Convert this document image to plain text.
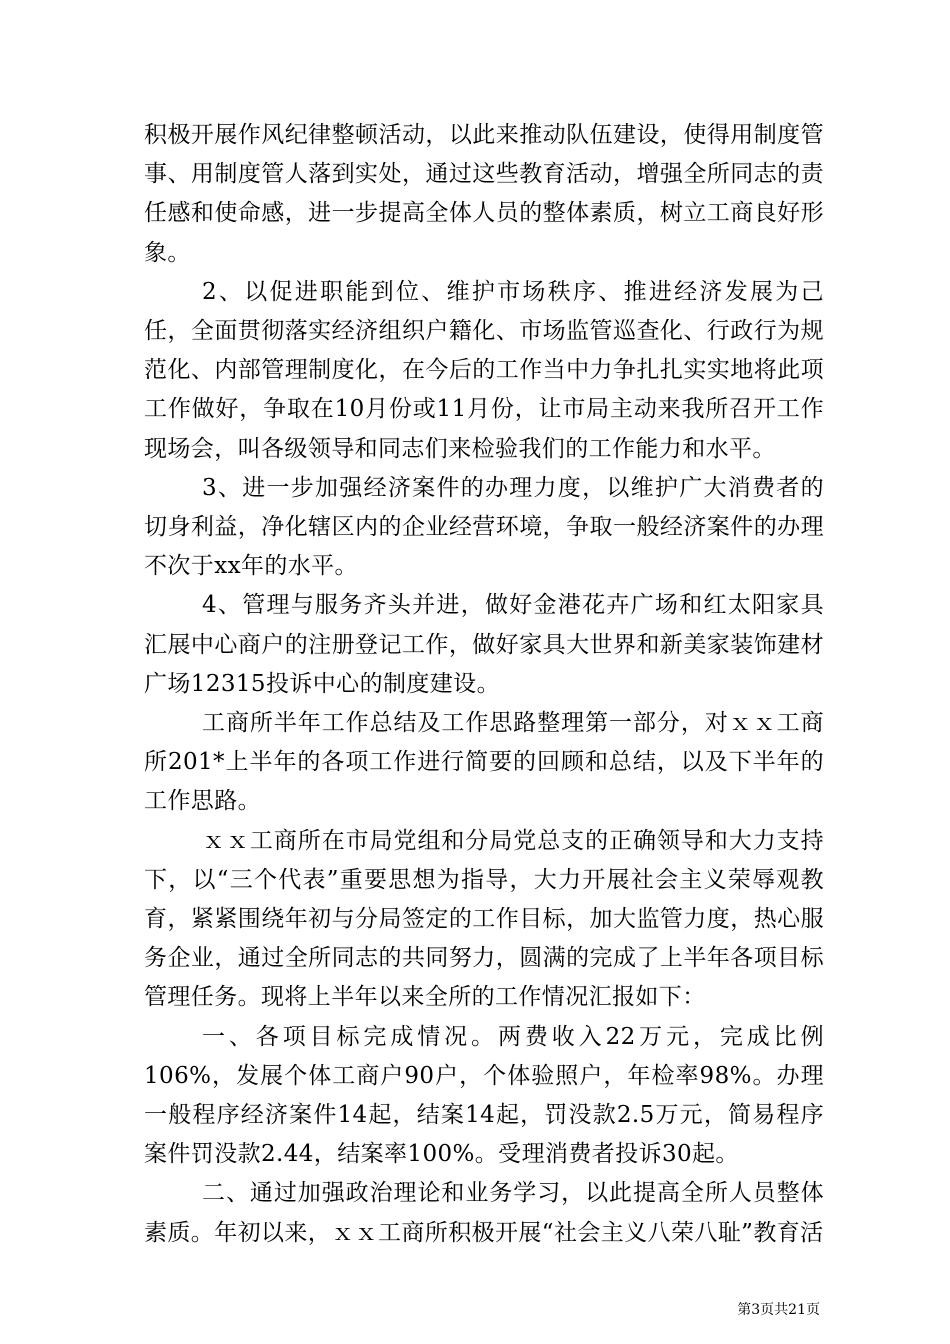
积极开展作风纪律整顿活动，以此来推动队伍建设，使得用制度管事、用制度管人落到实处，通过这些教育活动，增强全所同志的责任感和使命感，进一步提高全体人员的整体素质，树立工商良好形象。

2、以促进职能到位、维护市场秩序、推进经济发展为己任，全面贯彻落实经济组织户籍化、市场监管巡查化、行政行为规范化、内部管理制度化，在今后的工作当中力争扎扎实实地将此项工作做好，争取在10月份或11月份，让市局主动来我所召开工作现场会，叫各级领导和同志们来检验我们的工作能力和水平。

3、进一步加强经济案件的办理力度，以维护广大消费者的切身利益，净化辖区内的企业经营环境，争取一般经济案件的办理不次于xx年的水平。

4、管理与服务齐头并进，做好金港花卉广场和红太阳家具汇展中心商户的注册登记工作，做好家具大世界和新美家装饰建材广场12315投诉中心的制度建设。

工商所半年工作总结及工作思路整理第一部分，对ｘｘ工商所201*上半年的各项工作进行简要的回顾和总结，以及下半年的工作思路。

ｘｘ工商所在市局党组和分局党总支的正确领导和大力支持下，以“三个代表”重要思想为指导，大力开展社会主义荣辱观教育，紧紧围绕年初与分局签定的工作目标，加大监管力度，热心服务企业，通过全所同志的共同努力，圆满的完成了上半年各项目标管理任务。现将上半年以来全所的工作情况汇报如下：

一、各项目标完成情况。两费收入22万元，完成比例106%，发展个体工商户90户，个体验照户，年检率98%。办理一般程序经济案件14起，结案14起，罚没款2.5万元，简易程序案件罚没款2.44，结案率100%。受理消费者投诉30起。

二、通过加强政治理论和业务学习，以此提高全所人员整体素质。年初以来，ｘｘ工商所积极开展“社会主义八荣八耻”教育活

第3页共21页
